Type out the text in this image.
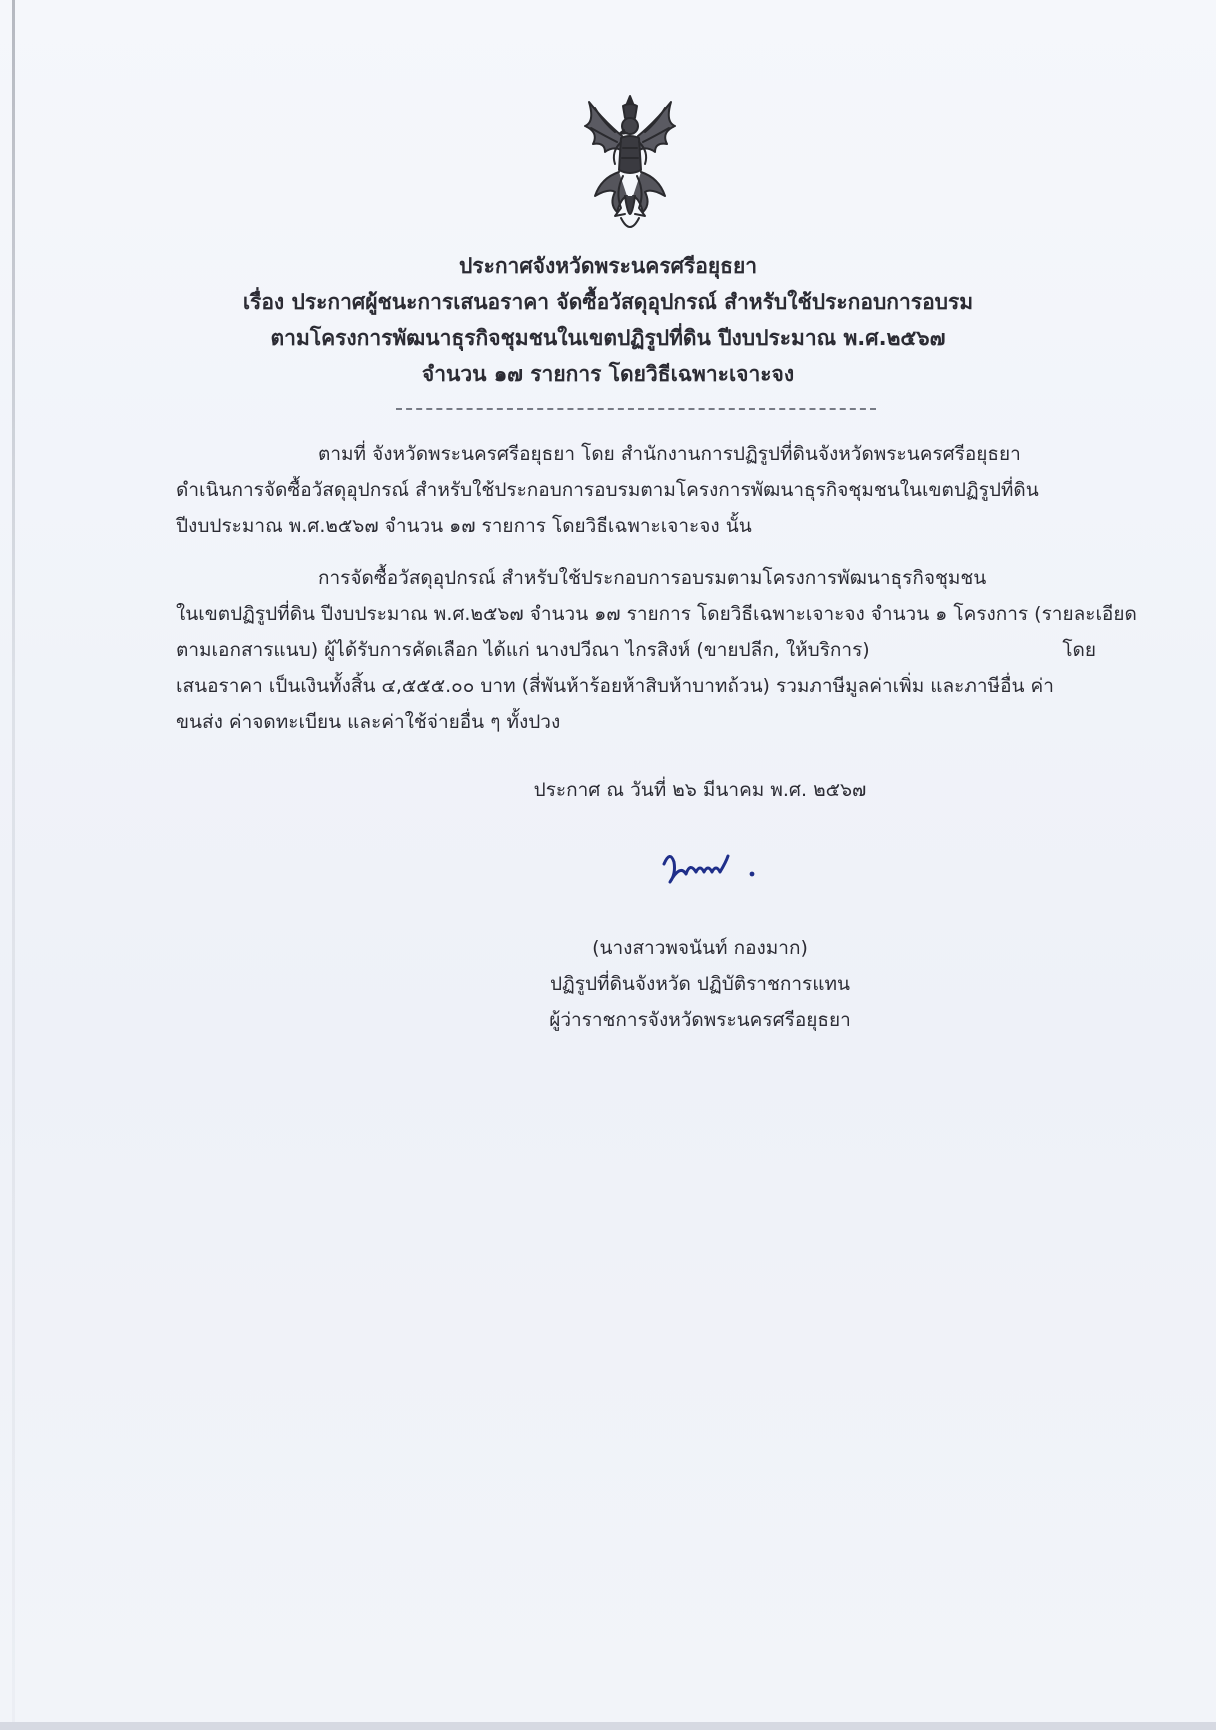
ประกาศจังหวัดพระนครศรีอยุธยา
เรื่อง ประกาศผู้ชนะการเสนอราคา จัดซื้อวัสดุอุปกรณ์ สำหรับใช้ประกอบการอบรม
ตามโครงการพัฒนาธุรกิจชุมชนในเขตปฏิรูปที่ดิน ปีงบประมาณ พ.ศ.๒๕๖๗
จำนวน ๑๗ รายการ โดยวิธีเฉพาะเจาะจง
ตามที่ จังหวัดพระนครศรีอยุธยา โดย สำนักงานการปฏิรูปที่ดินจังหวัดพระนครศรีอยุธยา
ดำเนินการจัดซื้อวัสดุอุปกรณ์ สำหรับใช้ประกอบการอบรมตามโครงการพัฒนาธุรกิจชุมชนในเขตปฏิรูปที่ดิน
ปีงบประมาณ พ.ศ.๒๕๖๗ จำนวน ๑๗ รายการ โดยวิธีเฉพาะเจาะจง นั้น
การจัดซื้อวัสดุอุปกรณ์ สำหรับใช้ประกอบการอบรมตามโครงการพัฒนาธุรกิจชุมชน
ในเขตปฏิรูปที่ดิน ปีงบประมาณ พ.ศ.๒๕๖๗ จำนวน ๑๗ รายการ โดยวิธีเฉพาะเจาะจง จำนวน ๑ โครงการ (รายละเอียด
ตามเอกสารแนบ) ผู้ได้รับการคัดเลือก ได้แก่ นางปวีณา ไกรสิงห์ (ขายปลีก, ให้บริการ)	โดย
เสนอราคา เป็นเงินทั้งสิ้น ๔,๕๕๕.๐๐ บาท (สี่พันห้าร้อยห้าสิบห้าบาทถ้วน) รวมภาษีมูลค่าเพิ่ม และภาษีอื่น ค่า
ขนส่ง ค่าจดทะเบียน และค่าใช้จ่ายอื่น ๆ ทั้งปวง
ประกาศ ณ วันที่ ๒๖ มีนาคม พ.ศ. ๒๕๖๗
(นางสาวพจนันท์ กองมาก)
ปฏิรูปที่ดินจังหวัด ปฏิบัติราชการแทน
ผู้ว่าราชการจังหวัดพระนครศรีอยุธยา
